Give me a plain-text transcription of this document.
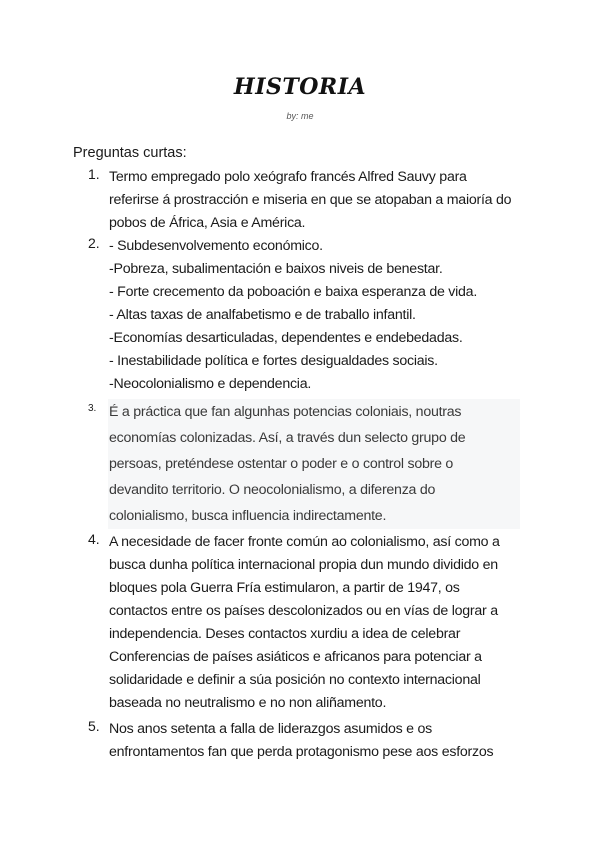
HISTORIA
by: me
Preguntas curtas:
1. Termo empregado polo xeógrafo francés Alfred Sauvy para
referirse á prostracción e miseria en que se atopaban a maioría do
pobos de África, Asia e América.
2. - Subdesenvolvemento económico.
-Pobreza, subalimentación e baixos niveis de benestar.
- Forte crecemento da poboación e baixa esperanza de vida.
- Altas taxas de analfabetismo e de traballo infantil.
-Economías desarticuladas, dependentes e endebedadas.
- Inestabilidade política e fortes desigualdades sociais.
-Neocolonialismo e dependencia.
3. É a práctica que fan algunhas potencias coloniais, noutras
economías colonizadas. Así, a través dun selecto grupo de
persoas, preténdese ostentar o poder e o control sobre o
devandito territorio. O neocolonialismo, a diferenza do
colonialismo, busca influencia indirectamente.
4. A necesidade de facer fronte común ao colonialismo, así como a
busca dunha política internacional propia dun mundo dividido en
bloques pola Guerra Fría estimularon, a partir de 1947, os
contactos entre os países descolonizados ou en vías de lograr a
independencia. Deses contactos xurdiu a idea de celebrar
Conferencias de países asiáticos e africanos para potenciar a
solidaridade e definir a súa posición no contexto internacional
baseada no neutralismo e no non aliñamento.
5. Nos anos setenta a falla de liderazgos asumidos e os
enfrontamentos fan que perda protagonismo pese aos esforzos
